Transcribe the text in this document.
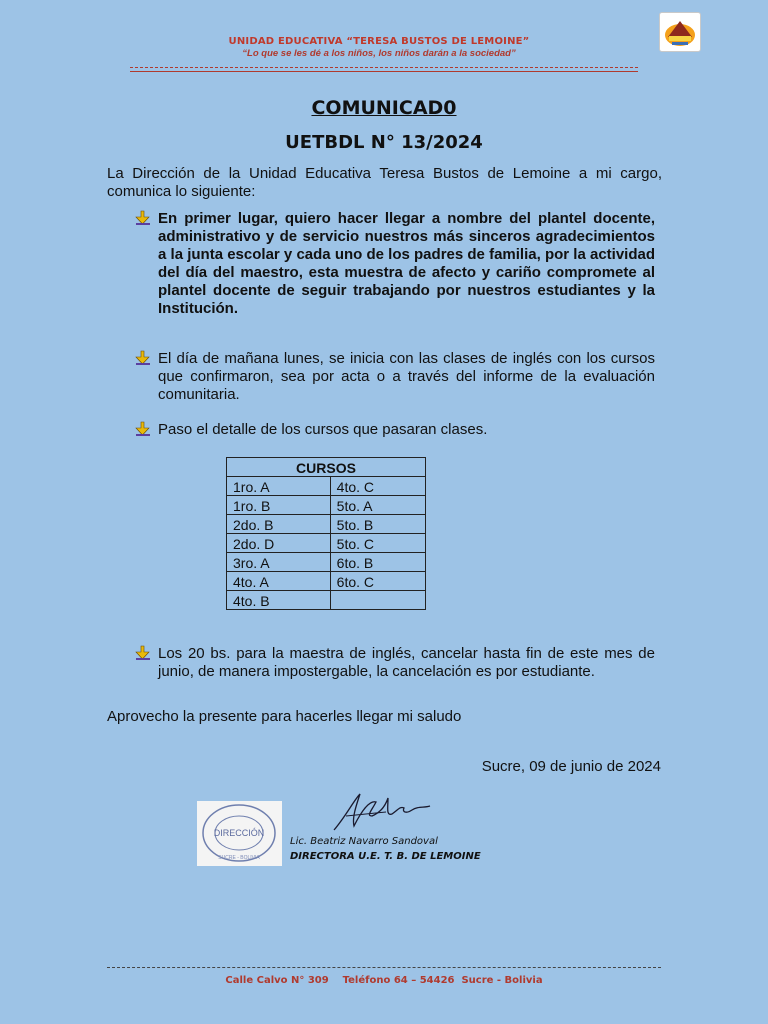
UNIDAD EDUCATIVA “TERESA BUSTOS DE LEMOINE”
“Lo que se les dé a los niños, los niños darán a la sociedad”
COMUNICAD0
UETBDL N° 13/2024
La Dirección de la Unidad Educativa Teresa Bustos de Lemoine a mi cargo, comunica lo siguiente:
En primer lugar, quiero hacer llegar a nombre del plantel docente, administrativo y de servicio nuestros más sinceros agradecimientos a la junta escolar y cada uno de los padres de familia, por la actividad del día del maestro, esta muestra de afecto y cariño compromete al plantel docente de seguir trabajando por nuestros estudiantes y la Institución.
El día de mañana lunes, se inicia con las clases de inglés con los cursos que confirmaron, sea por acta o a través del informe de la evaluación comunitaria.
Paso el detalle de los cursos que pasaran clases.
CURSOS	
1ro. A	4to. C
1ro. B	5to. A
2do. B	5to. B
2do. D	5to. C
3ro. A	6to. B
4to. A	6to. C
4to. B	
Los 20 bs. para la maestra de inglés, cancelar hasta fin de este mes de junio, de manera impostergable, la cancelación es por estudiante.
Aprovecho la presente para hacerles llegar mi saludo
Sucre, 09 de junio de 2024
DIRECCIÓN
SUCRE - BOLIVIA
Lic. Beatriz Navarro Sandoval
DIRECTORA U.E. T. B. DE LEMOINE
Calle Calvo N° 309    Teléfono 64 – 54426  Sucre - Bolivia
